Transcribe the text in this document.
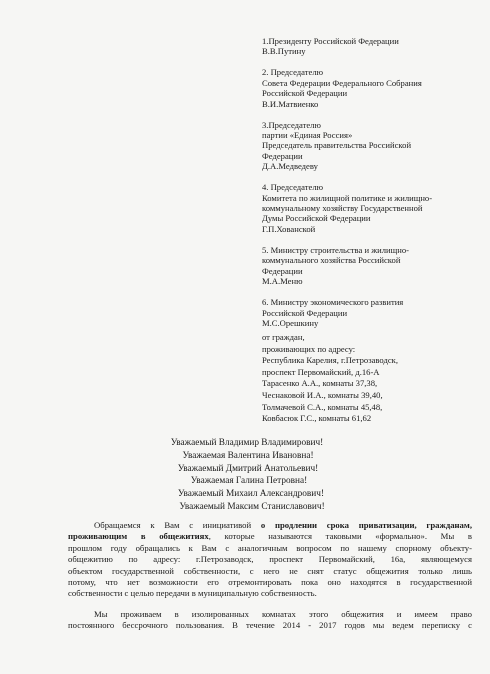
1.Президенту Российской Федерации
В.В.Путину
2. Председателю
Совета Федерации Федерального Собрания
Российской Федерации
В.И.Матвиенко
3.Председателю
партии «Единая Россия»
Председатель правительства Российской
Федерации
Д.А.Медведеву
4. Председателю
Комитета по жилищной политике и жилищно-
коммунальному хозяйству Государственной
Думы Российской Федерации
Г.П.Хованской
5. Министру строительства и жилищно-
коммунального хозяйства Российской
Федерации
М.А.Меню
6. Министру экономического развития
Российской Федерации
М.С.Орешкину
от граждан,
проживающих по адресу:
Республика Карелия, г.Петрозаводск,
проспект Первомайский, д.16-А
Тарасенко А.А., комнаты 37,38,
Чеснаковой И.А., комнаты 39,40,
Толмачевой С.А., комнаты 45,48,
Ковбасюк Г.С., комнаты 61,62
Уважаемый Владимир Владимирович!
Уважаемая Валентина Ивановна!
Уважаемый Дмитрий Анатольевич!
Уважаемая Галина Петровна!
Уважаемый Михаил Александрович!
Уважаемый Максим Станиславович!
Обращаемся к Вам с инициативой о продлении срока приватизации, гражданам,
проживающим в общежитиях, которые называются таковыми «формально». Мы в
прошлом году обращались к Вам с аналогичным вопросом по нашему спорному объекту-
общежитию по адресу: г.Петрозаводск, проспект Первомайский, 16а, являющемуся
объектом государственной собственности, с него не снят статус общежития только лишь
потому, что нет возможности его отремонтировать пока оно находятся в государственной
собственности с целью передачи в муниципальную собственность.
Мы проживаем в изолированных комнатах этого общежития и имеем право
постоянного бессрочного пользования. В течение 2014 - 2017 годов мы ведем переписку с
